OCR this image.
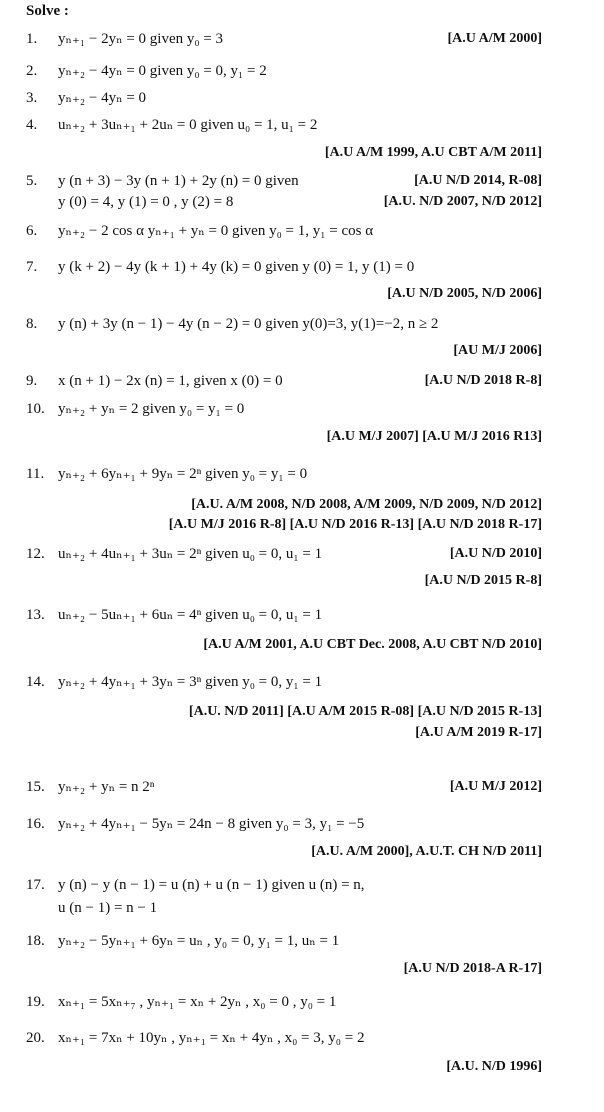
Solve :
1.	yₙ₊₁ − 2yₙ = 0 given y₀ = 3	[A.U A/M 2000]
2.	yₙ₊₂ − 4yₙ = 0 given y₀ = 0, y₁ = 2
3.	yₙ₊₂ − 4yₙ = 0
4.	uₙ₊₂ + 3uₙ₊₁ + 2uₙ = 0 given u₀ = 1, u₁ = 2
[A.U A/M 1999, A.U CBT A/M 2011]
5.	y (n + 3) − 3y (n + 1) + 2y (n) = 0 given	[A.U N/D 2014, R-08]
y (0) = 4, y (1) = 0 , y (2) = 8	[A.U. N/D 2007, N/D 2012]
6.	yₙ₊₂ − 2 cos α yₙ₊₁ + yₙ = 0 given y₀ = 1, y₁ = cos α
7.	y (k + 2) − 4y (k + 1) + 4y (k) = 0 given y (0) = 1, y (1) = 0
[A.U N/D 2005, N/D 2006]
8.	y (n) + 3y (n − 1) − 4y (n − 2) = 0 given y(0)=3, y(1)=−2, n ≥ 2
[AU M/J 2006]
9.	x (n + 1) − 2x (n) = 1, given x (0) = 0	[A.U N/D 2018 R-8]
10. yₙ₊₂ + yₙ = 2 given y₀ = y₁ = 0
[A.U M/J 2007] [A.U M/J 2016 R13]
11. yₙ₊₂ + 6yₙ₊₁ + 9yₙ = 2ⁿ given y₀ = y₁ = 0
[A.U. A/M 2008, N/D 2008, A/M 2009, N/D 2009, N/D 2012]
[A.U M/J 2016 R-8] [A.U N/D 2016 R-13] [A.U N/D 2018 R-17]
12. uₙ₊₂ + 4uₙ₊₁ + 3uₙ = 2ⁿ given u₀ = 0, u₁ = 1	[A.U N/D 2010]
[A.U N/D 2015 R-8]
13. uₙ₊₂ − 5uₙ₊₁ + 6uₙ = 4ⁿ given u₀ = 0, u₁ = 1
[A.U A/M 2001, A.U CBT Dec. 2008, A.U CBT N/D 2010]
14. yₙ₊₂ + 4yₙ₊₁ + 3yₙ = 3ⁿ given y₀ = 0, y₁ = 1
[A.U. N/D 2011] [A.U A/M 2015 R-08] [A.U N/D 2015 R-13]
[A.U A/M 2019 R-17]
15. yₙ₊₂ + yₙ = n 2ⁿ	[A.U M/J 2012]
16. yₙ₊₂ + 4yₙ₊₁ − 5yₙ = 24n − 8 given y₀ = 3, y₁ = −5
[A.U. A/M 2000], A.U.T. CH N/D 2011]
17. y (n) − y (n − 1) = u (n) + u (n − 1) given u (n) = n,
u (n − 1) = n − 1
18. yₙ₊₂ − 5yₙ₊₁ + 6yₙ = uₙ , y₀ = 0, y₁ = 1, uₙ = 1
[A.U N/D 2018-A R-17]
19. xₙ₊₁ = 5xₙ₊₇ , yₙ₊₁ = xₙ + 2yₙ , x₀ = 0 , y₀ = 1
20. xₙ₊₁ = 7xₙ + 10yₙ , yₙ₊₁ = xₙ + 4yₙ , x₀ = 3, y₀ = 2
[A.U. N/D 1996]
